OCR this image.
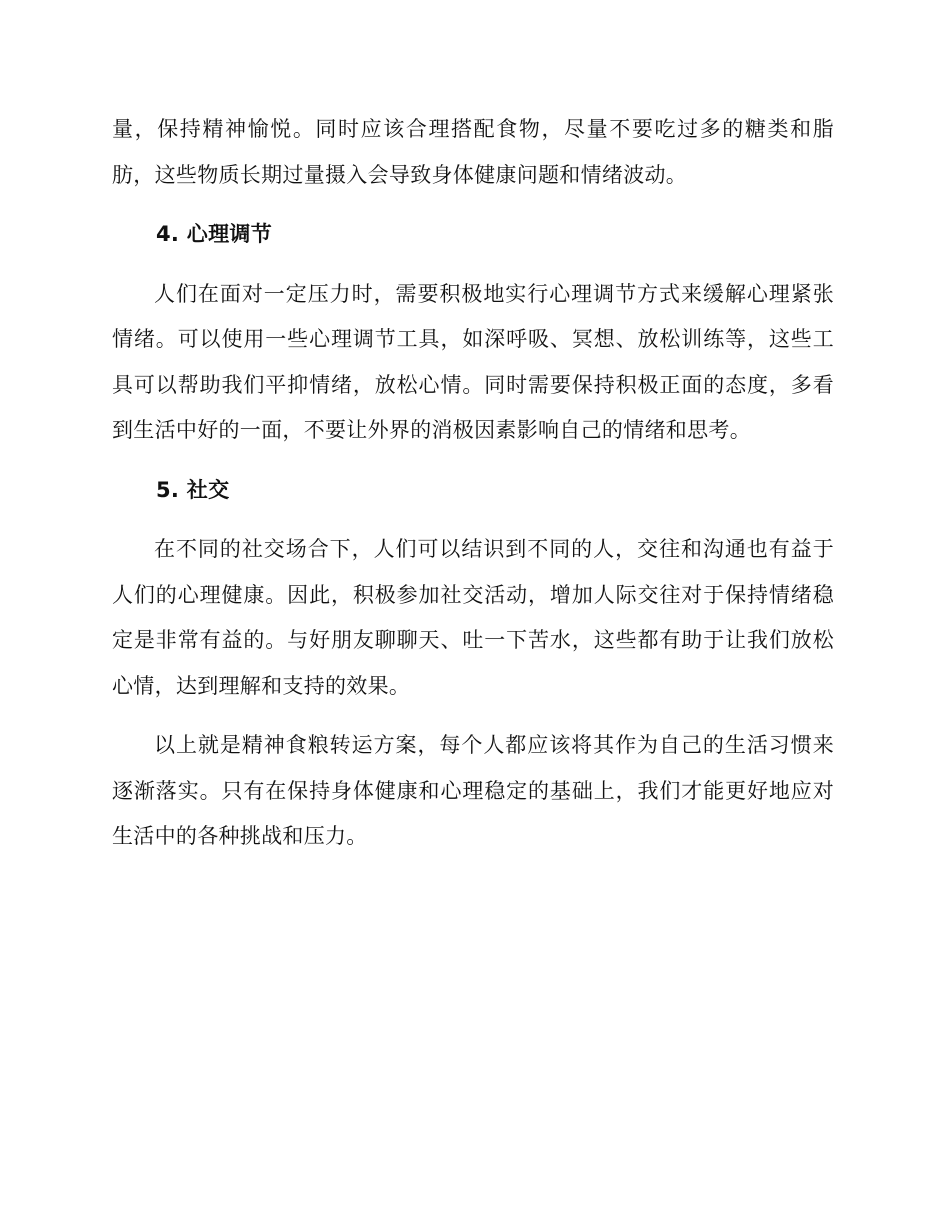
量，保持精神愉悦。同时应该合理搭配食物，尽量不要吃过多的糖类和脂肪，这些物质长期过量摄入会导致身体健康问题和情绪波动。

4. 心理调节

人们在面对一定压力时，需要积极地实行心理调节方式来缓解心理紧张情绪。可以使用一些心理调节工具，如深呼吸、冥想、放松训练等，这些工具可以帮助我们平抑情绪，放松心情。同时需要保持积极正面的态度，多看到生活中好的一面，不要让外界的消极因素影响自己的情绪和思考。

5. 社交

在不同的社交场合下，人们可以结识到不同的人，交往和沟通也有益于人们的心理健康。因此，积极参加社交活动，增加人际交往对于保持情绪稳定是非常有益的。与好朋友聊聊天、吐一下苦水，这些都有助于让我们放松心情，达到理解和支持的效果。

以上就是精神食粮转运方案，每个人都应该将其作为自己的生活习惯来逐渐落实。只有在保持身体健康和心理稳定的基础上，我们才能更好地应对生活中的各种挑战和压力。
